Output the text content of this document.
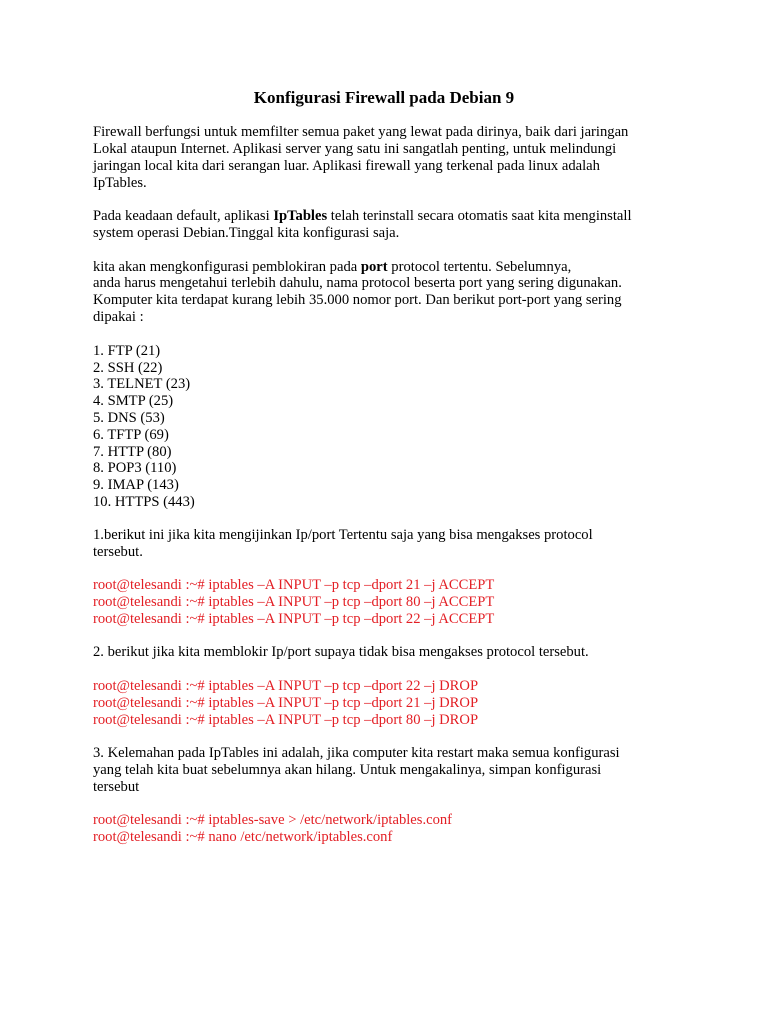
Konfigurasi Firewall pada Debian 9
Firewall berfungsi untuk memfilter semua paket yang lewat pada dirinya, baik dari jaringan
Lokal ataupun Internet. Aplikasi server yang satu ini sangatlah penting, untuk melindungi
jaringan local kita dari serangan luar. Aplikasi firewall yang terkenal pada linux adalah
IpTables.
Pada keadaan default, aplikasi IpTables telah terinstall secara otomatis saat kita menginstall
system operasi Debian.Tinggal kita konfigurasi saja.
kita akan mengkonfigurasi pemblokiran pada port protocol tertentu. Sebelumnya,
anda harus mengetahui terlebih dahulu, nama protocol beserta port yang sering digunakan.
Komputer kita terdapat kurang lebih 35.000 nomor port. Dan berikut port-port yang sering
dipakai :
1. FTP (21)
2. SSH (22)
3. TELNET (23)
4. SMTP (25)
5. DNS (53)
6. TFTP (69)
7. HTTP (80)
8. POP3 (110)
9. IMAP (143)
10. HTTPS (443)
1.berikut ini jika kita mengijinkan Ip/port Tertentu saja yang bisa mengakses protocol
tersebut.
root@telesandi :~# iptables –A INPUT –p tcp –dport 21 –j ACCEPT
root@telesandi :~# iptables –A INPUT –p tcp –dport 80 –j ACCEPT
root@telesandi :~# iptables –A INPUT –p tcp –dport 22 –j ACCEPT
2. berikut jika kita memblokir Ip/port supaya tidak bisa mengakses protocol tersebut.
root@telesandi :~# iptables –A INPUT –p tcp –dport 22 –j DROP
root@telesandi :~# iptables –A INPUT –p tcp –dport 21 –j DROP
root@telesandi :~# iptables –A INPUT –p tcp –dport 80 –j DROP
3. Kelemahan pada IpTables ini adalah, jika computer kita restart maka semua konfigurasi
yang telah kita buat sebelumnya akan hilang. Untuk mengakalinya, simpan konfigurasi
tersebut
root@telesandi :~# iptables-save > /etc/network/iptables.conf
root@telesandi :~# nano /etc/network/iptables.conf
